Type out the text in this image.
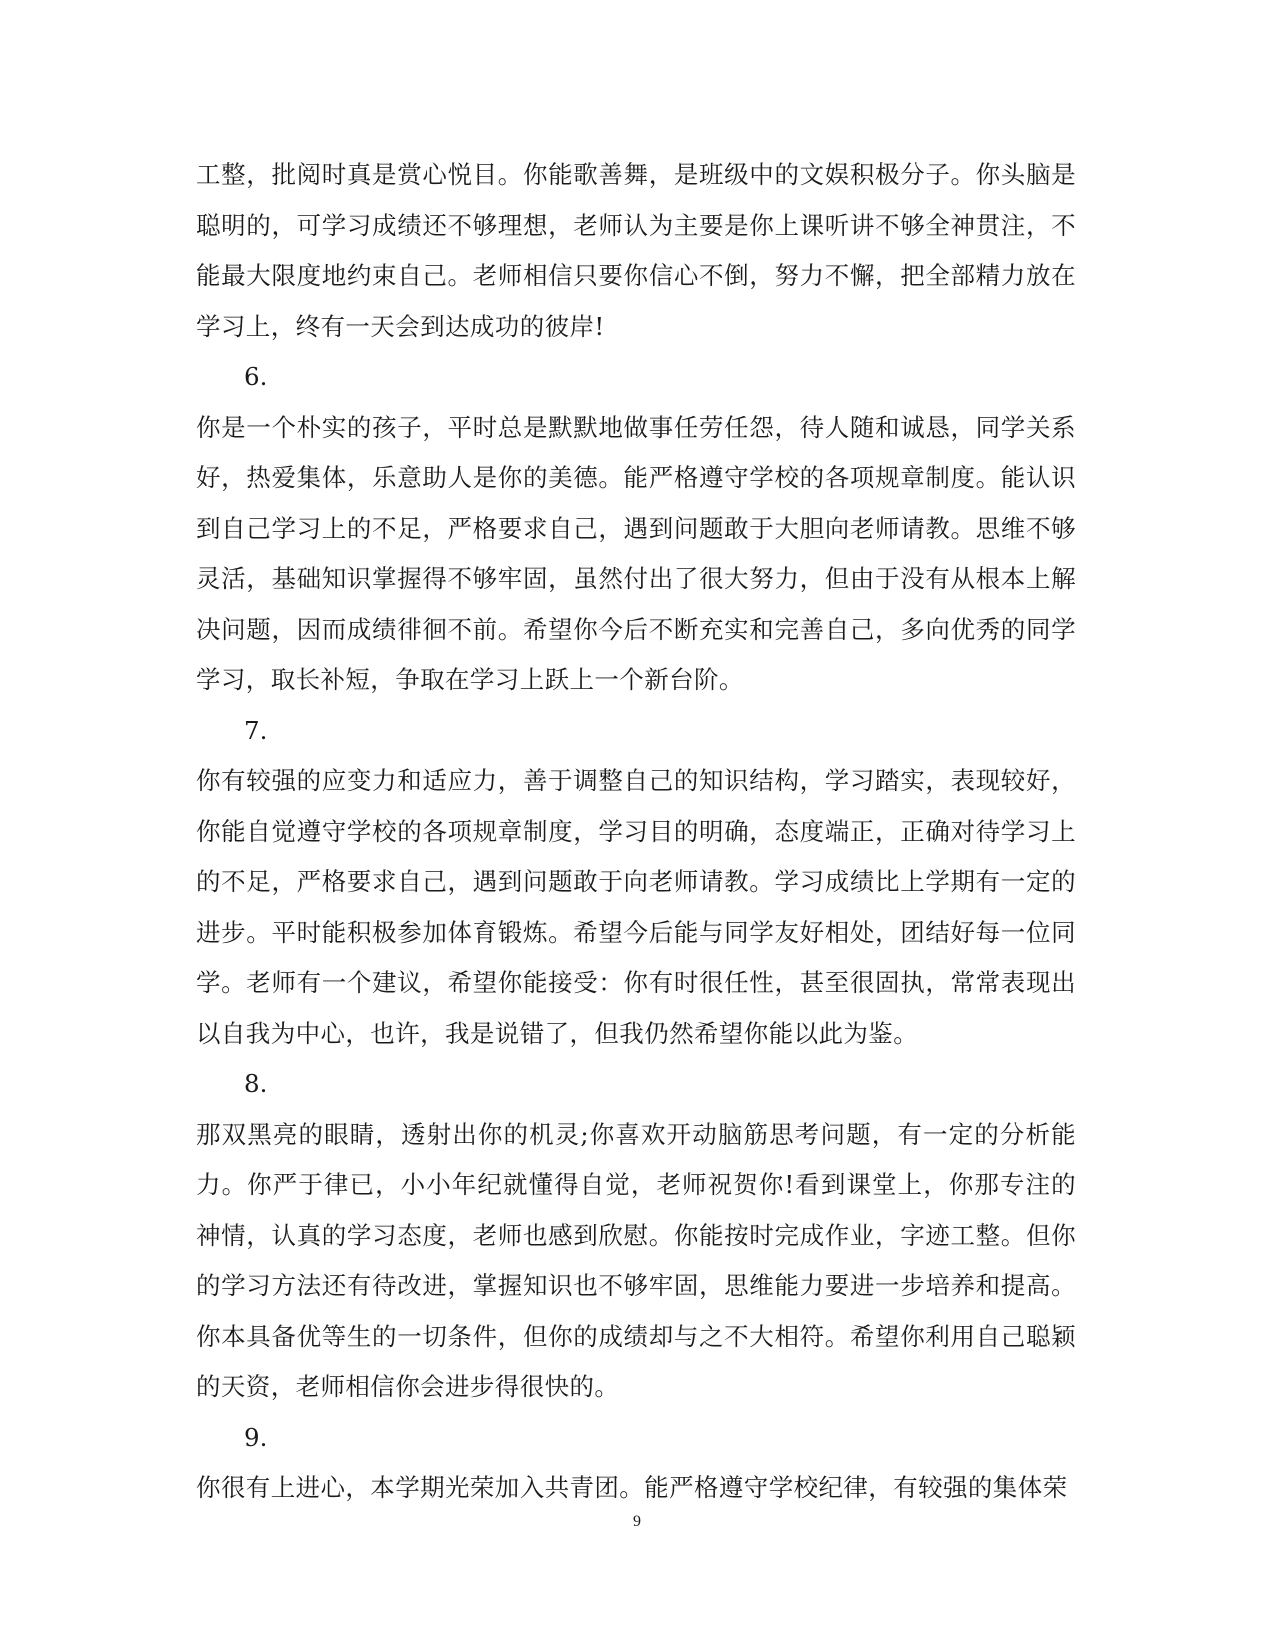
工整，批阅时真是赏心悦目。你能歌善舞，是班级中的文娱积极分子。你头脑是聪明的，可学习成绩还不够理想，老师认为主要是你上课听讲不够全神贯注，不能最大限度地约束自己。老师相信只要你信心不倒，努力不懈，把全部精力放在学习上，终有一天会到达成功的彼岸!

6.

你是一个朴实的孩子，平时总是默默地做事任劳任怨，待人随和诚恳，同学关系好，热爱集体，乐意助人是你的美德。能严格遵守学校的各项规章制度。能认识到自己学习上的不足，严格要求自己，遇到问题敢于大胆向老师请教。思维不够灵活，基础知识掌握得不够牢固，虽然付出了很大努力，但由于没有从根本上解决问题，因而成绩徘徊不前。希望你今后不断充实和完善自己，多向优秀的同学学习，取长补短，争取在学习上跃上一个新台阶。

7.

你有较强的应变力和适应力，善于调整自己的知识结构，学习踏实，表现较好，你能自觉遵守学校的各项规章制度，学习目的明确，态度端正，正确对待学习上的不足，严格要求自己，遇到问题敢于向老师请教。学习成绩比上学期有一定的进步。平时能积极参加体育锻炼。希望今后能与同学友好相处，团结好每一位同学。老师有一个建议，希望你能接受：你有时很任性，甚至很固执，常常表现出以自我为中心，也许，我是说错了，但我仍然希望你能以此为鉴。

8.

那双黑亮的眼睛，透射出你的机灵;你喜欢开动脑筋思考问题，有一定的分析能力。你严于律已，小小年纪就懂得自觉，老师祝贺你!看到课堂上，你那专注的神情，认真的学习态度，老师也感到欣慰。你能按时完成作业，字迹工整。但你的学习方法还有待改进，掌握知识也不够牢固，思维能力要进一步培养和提高。你本具备优等生的一切条件，但你的成绩却与之不大相符。希望你利用自己聪颖的天资，老师相信你会进步得很快的。

9.

你很有上进心，本学期光荣加入共青团。能严格遵守学校纪律，有较强的集体荣

9
